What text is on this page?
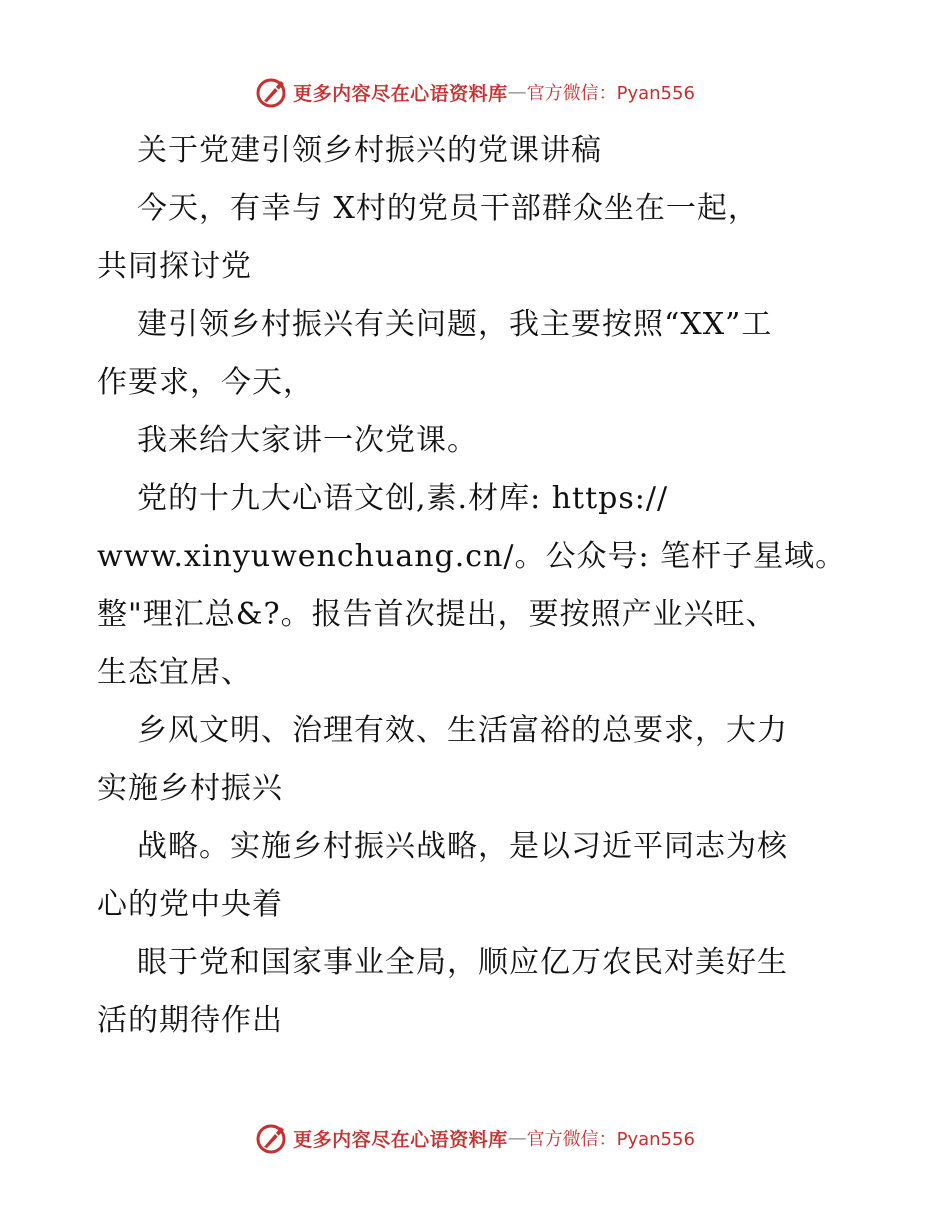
更多内容尽在心语资料库 — 官方微信：Pyan556
关于党建引领乡村振兴的党课讲稿
今天，有幸与 X村的党员干部群众坐在一起，
共同探讨党
建引领乡村振兴有关问题，我主要按照“XX”工
作要求，今天，
我来给大家讲一次党课。
党的十九大心语文创,素.材库: https://
www.xinyuwenchuang.cn/。公众号: 笔杆子星域。
整"理汇总&?。报告首次提出，要按照产业兴旺、
生态宜居、
乡风文明、治理有效、生活富裕的总要求，大力
实施乡村振兴
战略。实施乡村振兴战略，是以习近平同志为核
心的党中央着
眼于党和国家事业全局，顺应亿万农民对美好生
活的期待作出
更多内容尽在心语资料库 — 官方微信：Pyan556
